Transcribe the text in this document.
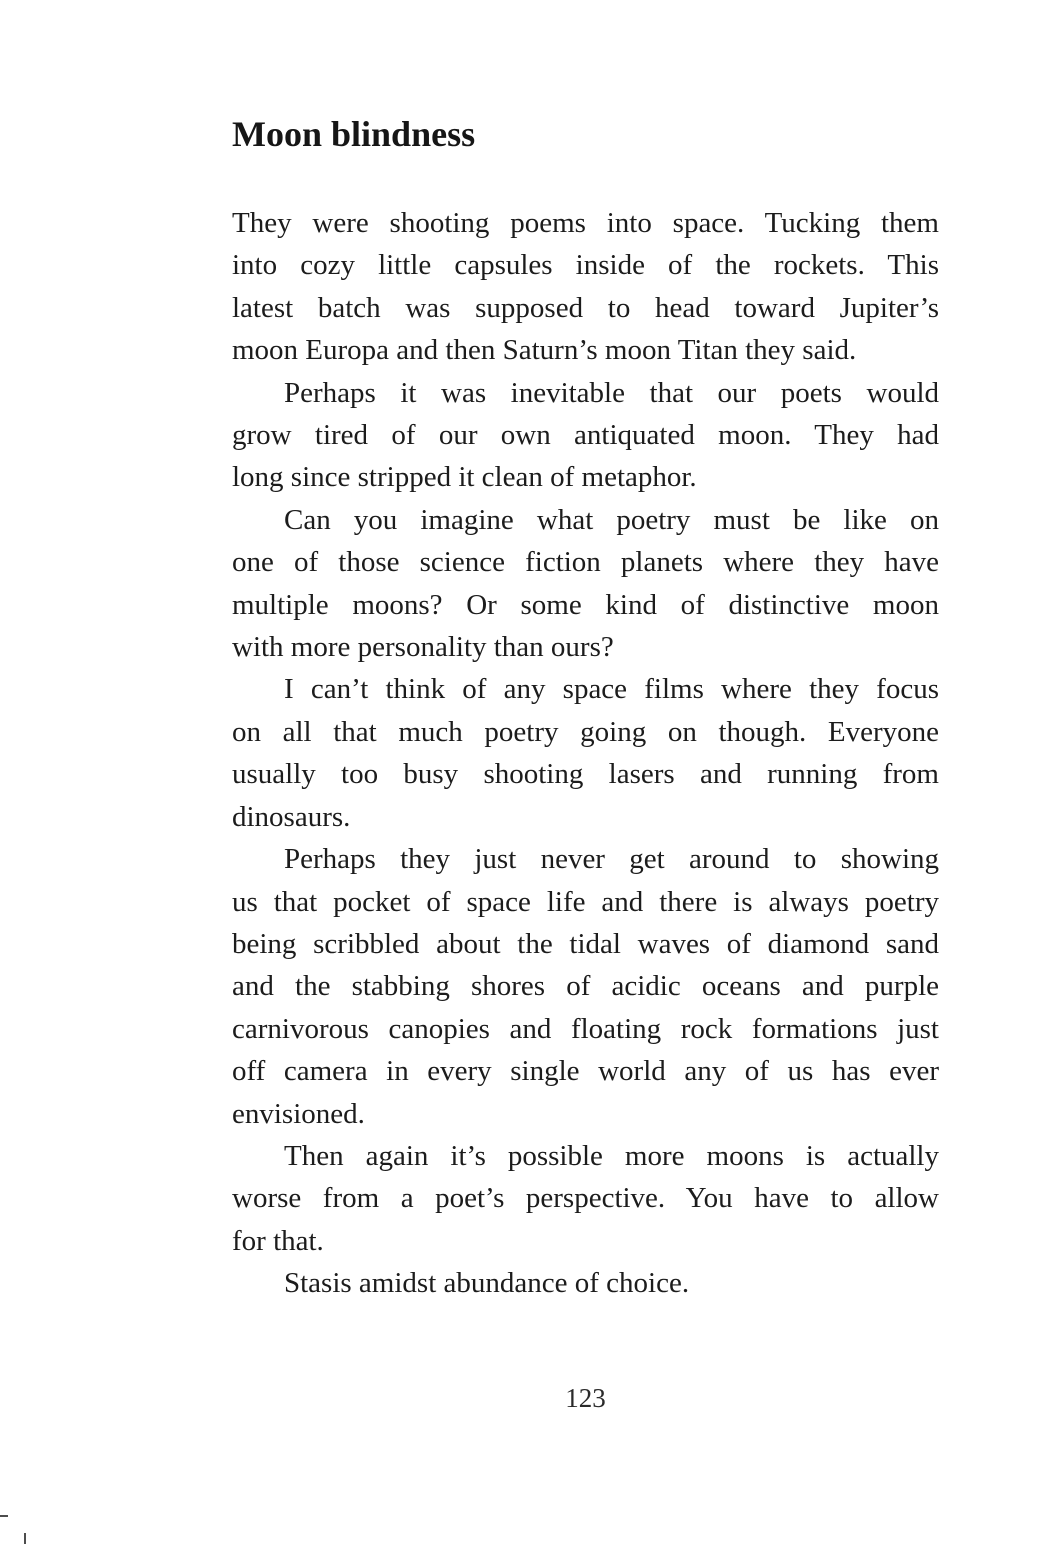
Moon blindness
They were shooting poems into space. Tucking them
into cozy little capsules inside of the rockets. This
latest batch was supposed to head toward Jupiter’s
moon Europa and then Saturn’s moon Titan they said.
Perhaps it was inevitable that our poets would
grow tired of our own antiquated moon. They had
long since stripped it clean of metaphor.
Can you imagine what poetry must be like on
one of those science fiction planets where they have
multiple moons? Or some kind of distinctive moon
with more personality than ours?
I can’t think of any space films where they focus
on all that much poetry going on though. Everyone
usually too busy shooting lasers and running from
dinosaurs.
Perhaps they just never get around to showing
us that pocket of space life and there is always poetry
being scribbled about the tidal waves of diamond sand
and the stabbing shores of acidic oceans and purple
carnivorous canopies and floating rock formations just
off camera in every single world any of us has ever
envisioned.
Then again it’s possible more moons is actually
worse from a poet’s perspective. You have to allow
for that.
Stasis amidst abundance of choice.
123
